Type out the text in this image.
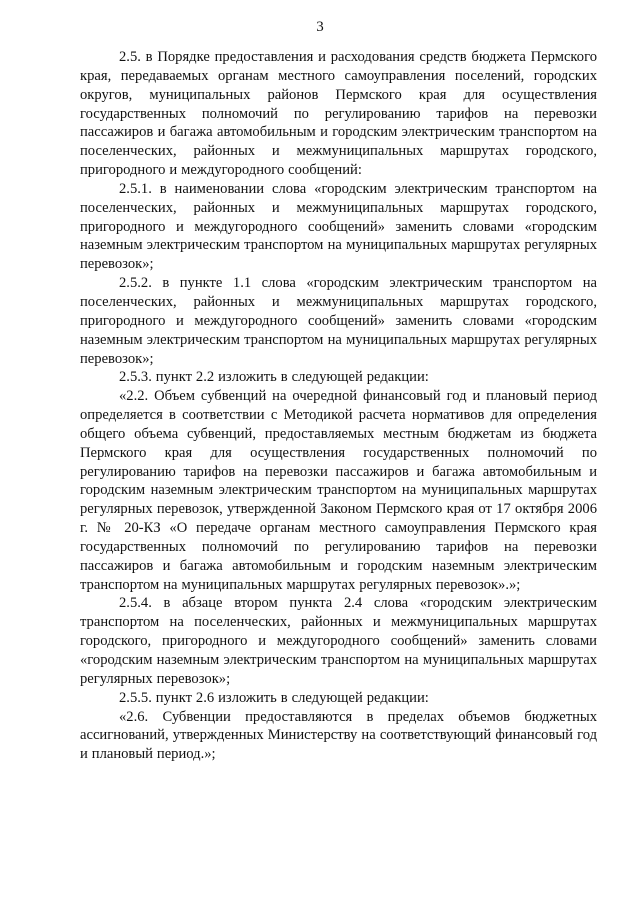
3

2.5. в Порядке предоставления и расходования средств бюджета Пермского края, передаваемых органам местного самоуправления поселений, городских округов, муниципальных районов Пермского края для осуществления государственных полномочий по регулированию тарифов на перевозки пассажиров и багажа автомобильным и городским электрическим транспортом на поселенческих, районных и межмуниципальных маршрутах городского, пригородного и междугородного сообщений:

2.5.1. в наименовании слова «городским электрическим транспортом на поселенческих, районных и межмуниципальных маршрутах городского, пригородного и междугородного сообщений» заменить словами «городским наземным электрическим транспортом на муниципальных маршрутах регулярных перевозок»;

2.5.2. в пункте 1.1 слова «городским электрическим транспортом на поселенческих, районных и межмуниципальных маршрутах городского, пригородного и междугородного сообщений» заменить словами «городским наземным электрическим транспортом на муниципальных маршрутах регулярных перевозок»;

2.5.3. пункт 2.2 изложить в следующей редакции:

«2.2. Объем субвенций на очередной финансовый год и плановый период определяется в соответствии с Методикой расчета нормативов для определения общего объема субвенций, предоставляемых местным бюджетам из бюджета Пермского края для осуществления государственных полномочий по регулированию тарифов на перевозки пассажиров и багажа автомобильным и городским наземным электрическим транспортом на муниципальных маршрутах регулярных перевозок, утвержденной Законом Пермского края от 17 октября 2006 г. № 20-КЗ «О передаче органам местного самоуправления Пермского края государственных полномочий по регулированию тарифов на перевозки пассажиров и багажа автомобильным и городским наземным электрическим транспортом на муниципальных маршрутах регулярных перевозок».»;

2.5.4. в абзаце втором пункта 2.4 слова «городским электрическим транспортом на поселенческих, районных и межмуниципальных маршрутах городского, пригородного и междугородного сообщений» заменить словами «городским наземным электрическим транспортом на муниципальных маршрутах регулярных перевозок»;

2.5.5. пункт 2.6 изложить в следующей редакции:

«2.6. Субвенции предоставляются в пределах объемов бюджетных ассигнований, утвержденных Министерству на соответствующий финансовый год и плановый период.»;
